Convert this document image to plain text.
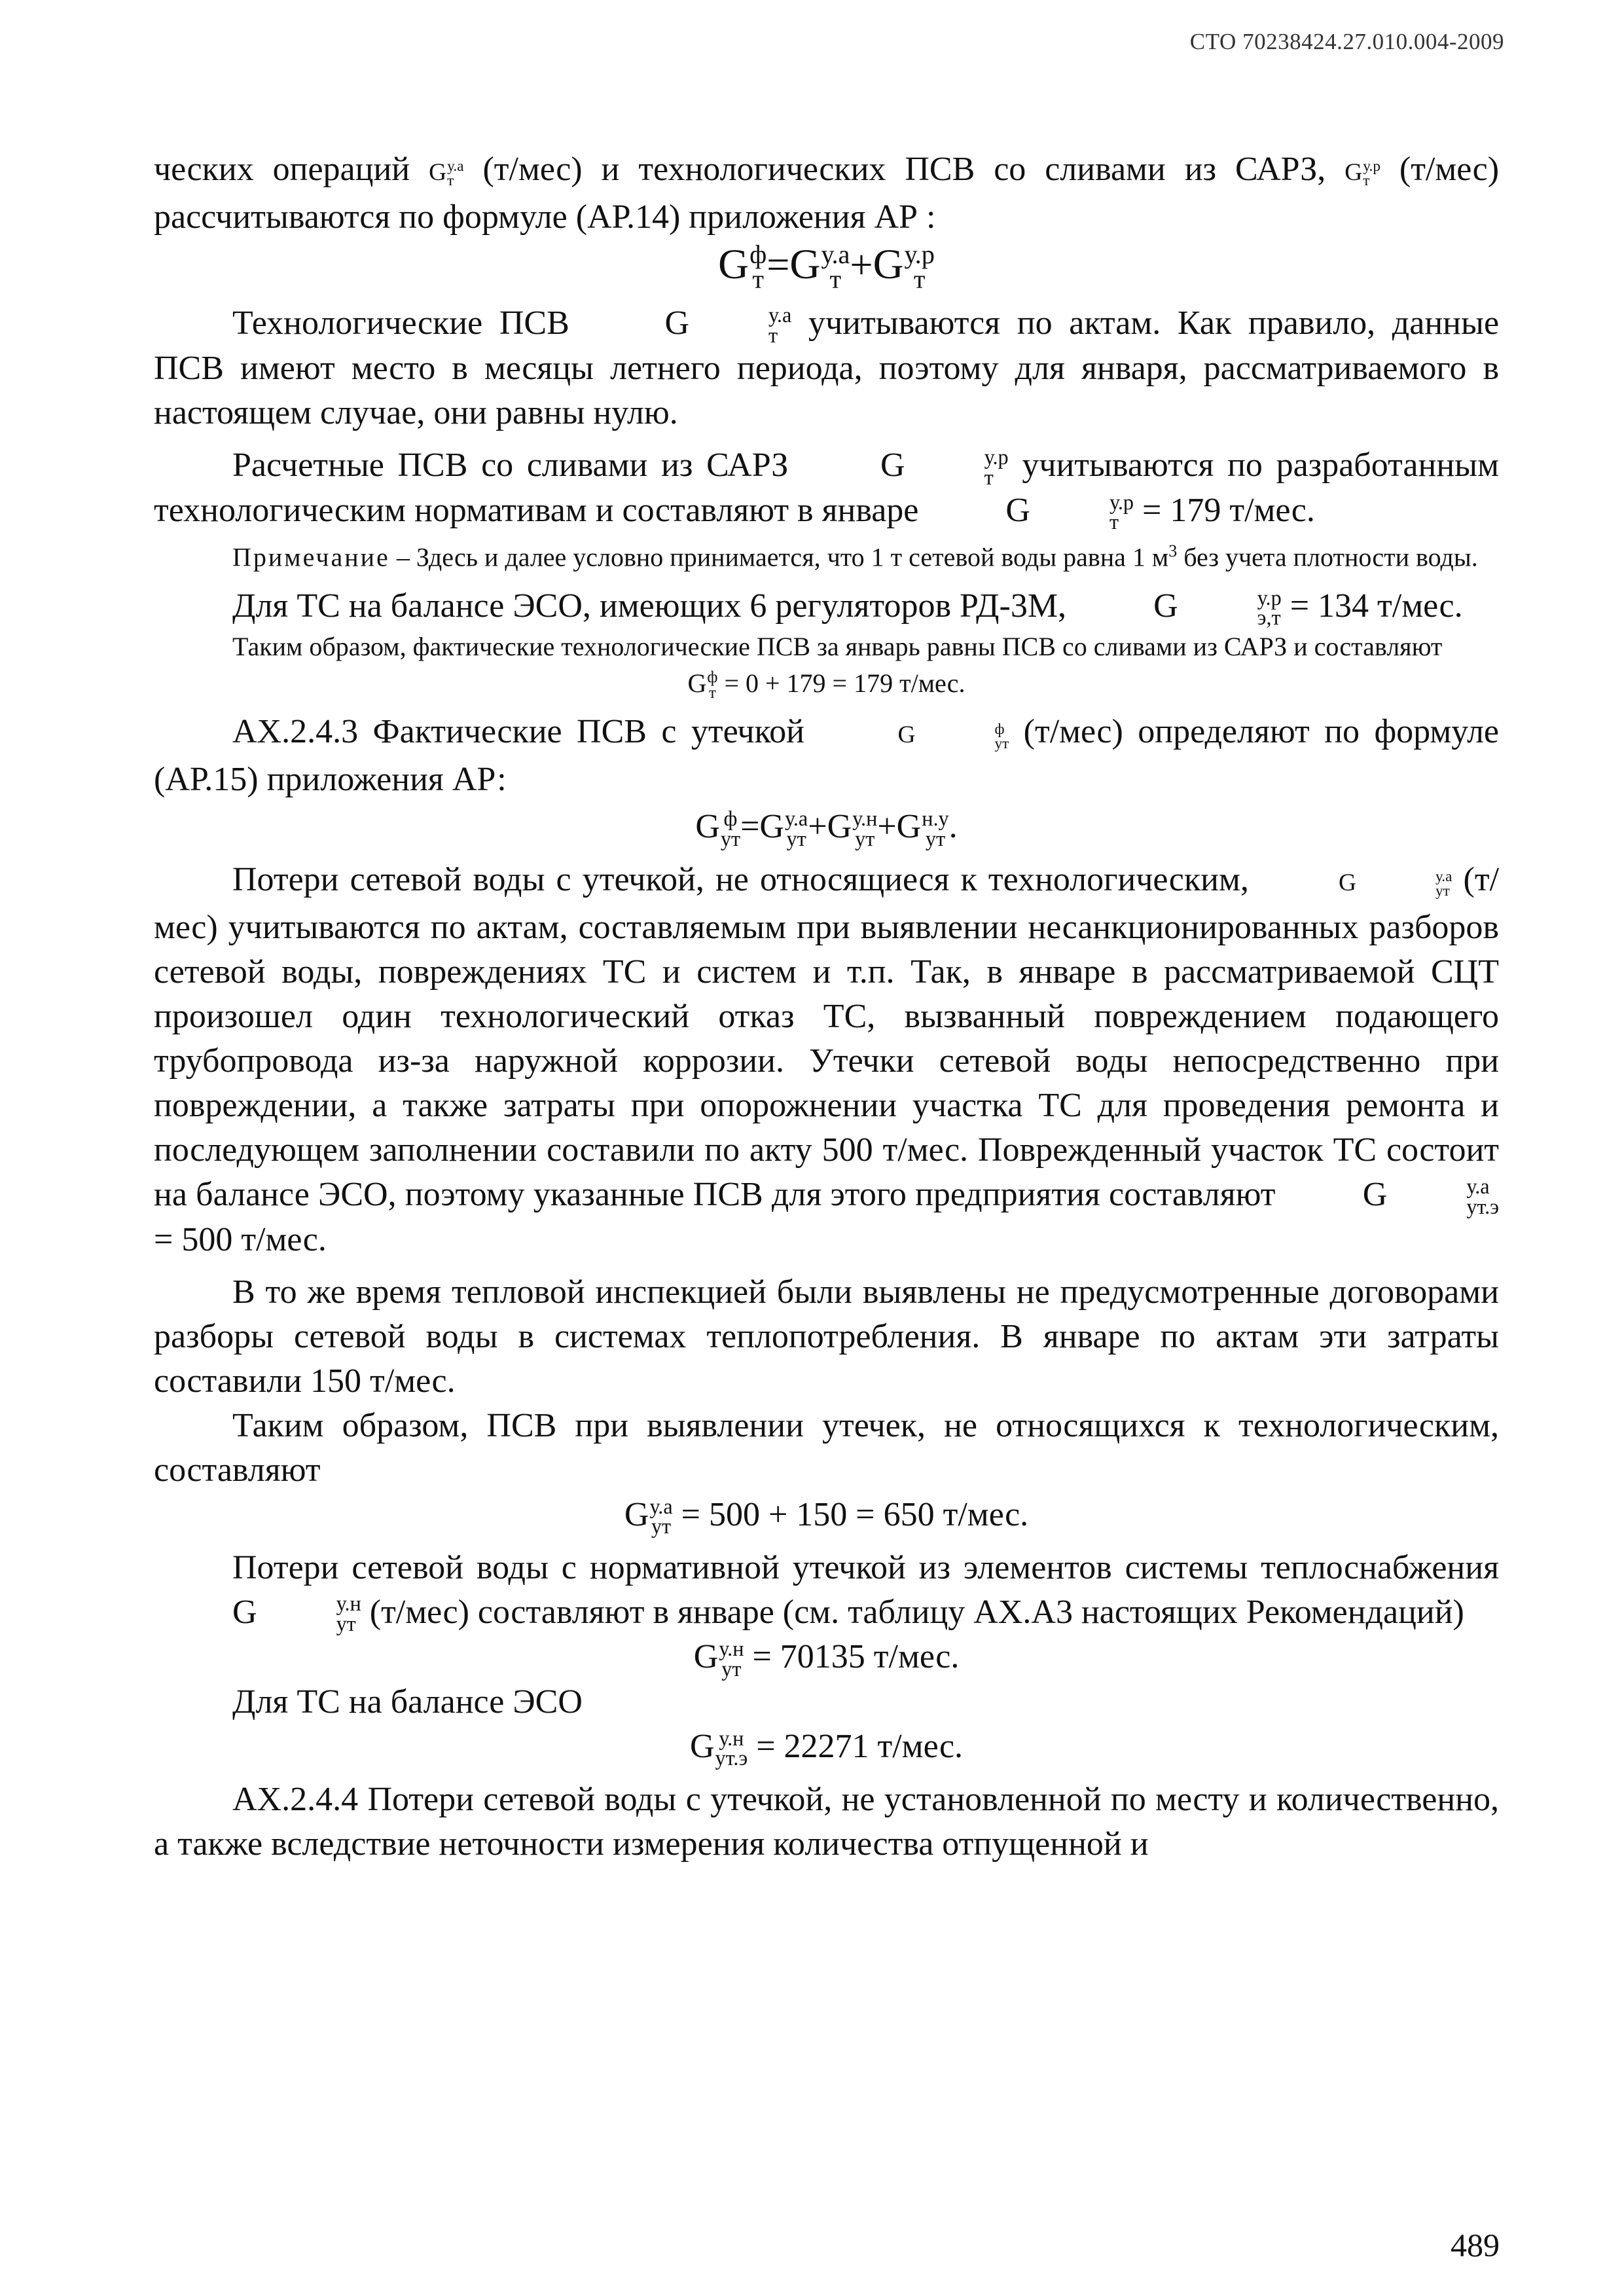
СТО 70238424.27.010.004-2009

ческих операций G у.а
т (т/мес) и технологических ПСВ со сливами из САРЗ, G у.р
т (т/мес) рассчитываются по формуле (АР.14) приложения АР :

G ф
т =G у.а
т +G у.р
т

Технологические ПСВ	G	у.а
т учитываются по актам. Как правило, данные ПСВ имеют место в месяцы летнего периода, поэтому для января, рассматриваемого в настоящем случае, они равны нулю.

Расчетные ПСВ со сливами из САРЗ	G	у.р
т учитываются по разработанным технологическим нормативам и составляют в январе	G	у.р
т = 179 т/мес.

Примечание – Здесь и далее условно принимается, что 1 т сетевой воды равна 1 $м^3$ без учета плотности воды.

Для ТС на балансе ЭСО, имеющих 6 регуляторов РД-3М,	G	у.р
э,т = 134 т/мес.

Таким образом, фактические технологические ПСВ за январь равны ПСВ со сливами из САРЗ и составляют

G ф
т = 0 + 179 = 179 т/мес.

АХ.2.4.3 Фактические ПСВ с утечкой	G	ф
ут (т/мес) определяют по формуле (АР.15) приложения АР:

G ф
ут =G у.а
ут +G у.н
ут +G н.у
ут .

Потери сетевой воды с утечкой, не относящиеся к технологическим,	G	у.а
ут (т/мес) учитываются по актам, составляемым при выявлении несанкционированных разборов сетевой воды, повреждениях ТС и систем и т.п. Так, в январе в рассматриваемой СЦТ произошел один технологический отказ ТС, вызванный повреждением подающего трубопровода из-за наружной коррозии. Утечки сетевой воды непосредственно при повреждении, а также затраты при опорожнении участка ТС для проведения ремонта и последующем заполнении составили по акту 500 т/мес. Поврежденный участок ТС состоит на балансе ЭСО, поэтому указанные ПСВ для этого предприятия составляют	G	у.а
ут.э
= 500 т/мес.

В то же время тепловой инспекцией были выявлены не предусмотренные договорами разборы сетевой воды в системах теплопотребления. В январе по актам эти затраты составили 150 т/мес.

Таким образом, ПСВ при выявлении утечек, не относящихся к технологическим, составляют

G у.а
ут = 500 + 150 = 650 т/мес.

Потери сетевой воды с нормативной утечкой из элементов системы теплоснабжения G	у.н
ут (т/мес) составляют в январе (см. таблицу АХ.А3 настоящих Рекомендаций)

G у.н
ут = 70135 т/мес.

Для ТС на балансе ЭСО

G у.н
ут.э = 22271 т/мес.

АХ.2.4.4 Потери сетевой воды с утечкой, не установленной по месту и количественно, а также вследствие неточности измерения количества отпущенной и

489
